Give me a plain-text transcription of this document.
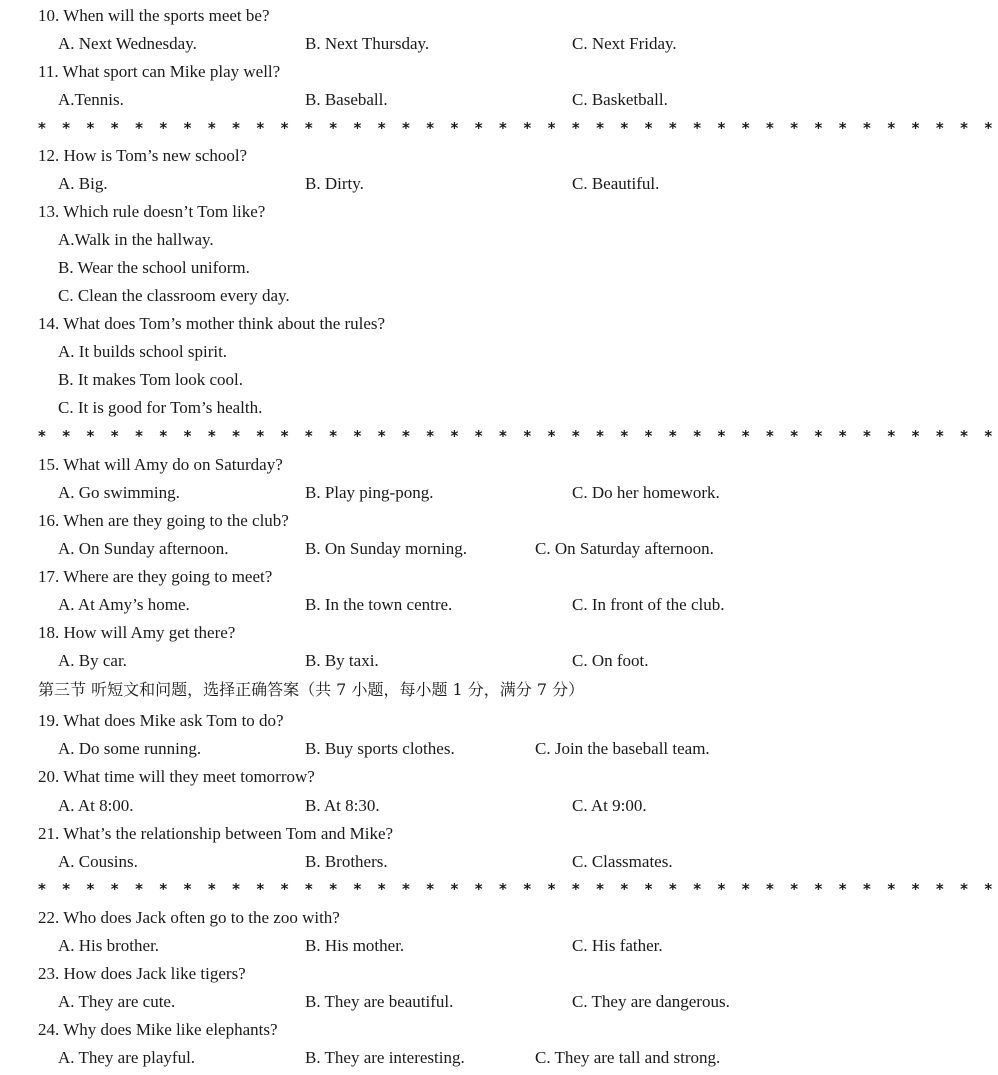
10. When will the sports meet be?
A. Next Wednesday.	B. Next Thursday.	C. Next Friday.
11. What sport can Mike play well?
A.Tennis.	B. Baseball.	C. Basketball.
* * * * * * * * * * * * * * * * * * * * * * * * * * * * * * * * * * * * * * * *
12. How is Tom’s new school?
A. Big.	B. Dirty.	C. Beautiful.
13. Which rule doesn’t Tom like?
A.Walk in the hallway.
B. Wear the school uniform.
C. Clean the classroom every day.
14. What does Tom’s mother think about the rules?
A. It builds school spirit.
B. It makes Tom look cool.
C. It is good for Tom’s health.
* * * * * * * * * * * * * * * * * * * * * * * * * * * * * * * * * * * * * * * *
15. What will Amy do on Saturday?
A. Go swimming.	B. Play ping-pong.	C. Do her homework.
16. When are they going to the club?
A. On Sunday afternoon.	B. On Sunday morning.	C. On Saturday afternoon.
17. Where are they going to meet?
A. At Amy’s home.	B. In the town centre.	C. In front of the club.
18. How will Amy get there?
A. By car.	B. By taxi.	C. On foot.
第三节 听短文和问题，选择正确答案（共 7 小题，每小题 1 分，满分 7 分）
19. What does Mike ask Tom to do?
A. Do some running.	B. Buy sports clothes.	C. Join the baseball team.
20. What time will they meet tomorrow?
A. At 8:00.	B. At 8:30.	C. At 9:00.
21. What’s the relationship between Tom and Mike?
A. Cousins.	B. Brothers.	C. Classmates.
* * * * * * * * * * * * * * * * * * * * * * * * * * * * * * * * * * * * * * * *
22. Who does Jack often go to the zoo with?
A. His brother.	B. His mother.	C. His father.
23. How does Jack like tigers?
A. They are cute.	B. They are beautiful.	C. They are dangerous.
24. Why does Mike like elephants?
A. They are playful.	B. They are interesting.	C. They are tall and strong.
